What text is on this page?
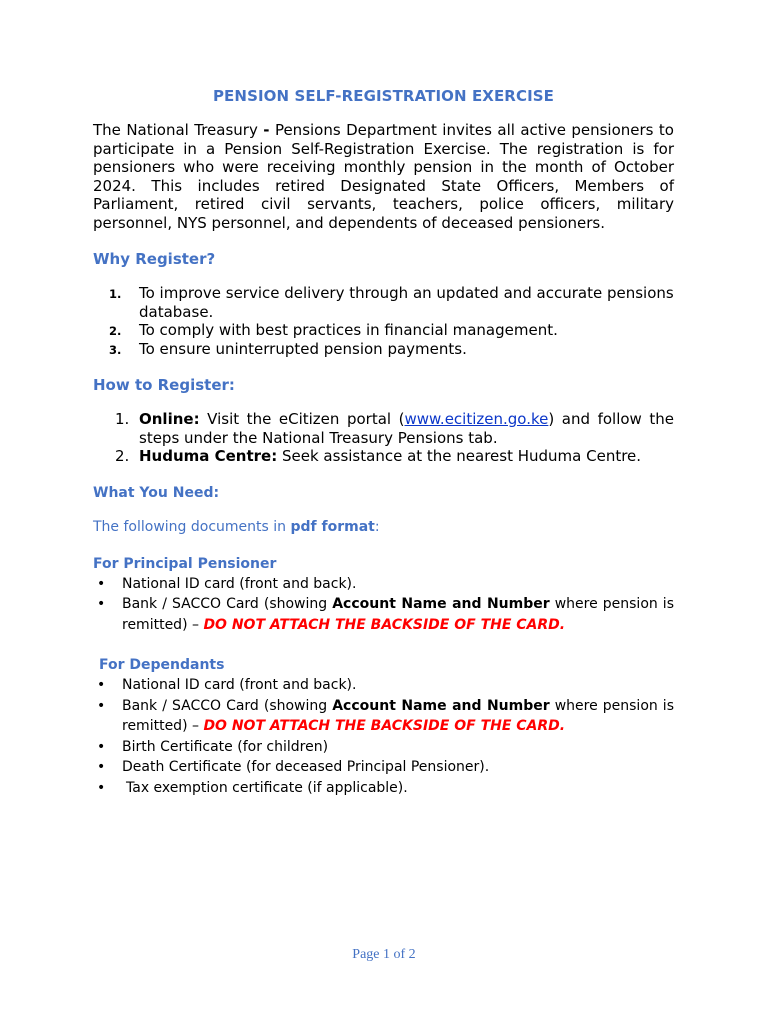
PENSION SELF-REGISTRATION EXERCISE

The National Treasury - Pensions Department invites all active pensioners to participate in a Pension Self-Registration Exercise. The registration is for pensioners who were receiving monthly pension in the month of October 2024. This includes retired Designated State Officers, Members of Parliament, retired civil servants, teachers, police officers, military personnel, NYS personnel, and dependents of deceased pensioners.

Why Register?
1. To improve service delivery through an updated and accurate pensions database.
2. To comply with best practices in financial management.
3. To ensure uninterrupted pension payments.
How to Register:
1. Online: Visit the eCitizen portal (www.ecitizen.go.ke) and follow the steps under the National Treasury Pensions tab.
2. Huduma Centre: Seek assistance at the nearest Huduma Centre.
What You Need:

The following documents in pdf format:

For Principal Pensioner
• National ID card (front and back).
• Bank / SACCO Card (showing Account Name and Number where pension is remitted) – DO NOT ATTACH THE BACKSIDE OF THE CARD.
For Dependants
• National ID card (front and back).
• Bank / SACCO Card (showing Account Name and Number where pension is remitted) – DO NOT ATTACH THE BACKSIDE OF THE CARD.
• Birth Certificate (for children)
• Death Certificate (for deceased Principal Pensioner).
• Tax exemption certificate (if applicable).
Page 1 of 2
